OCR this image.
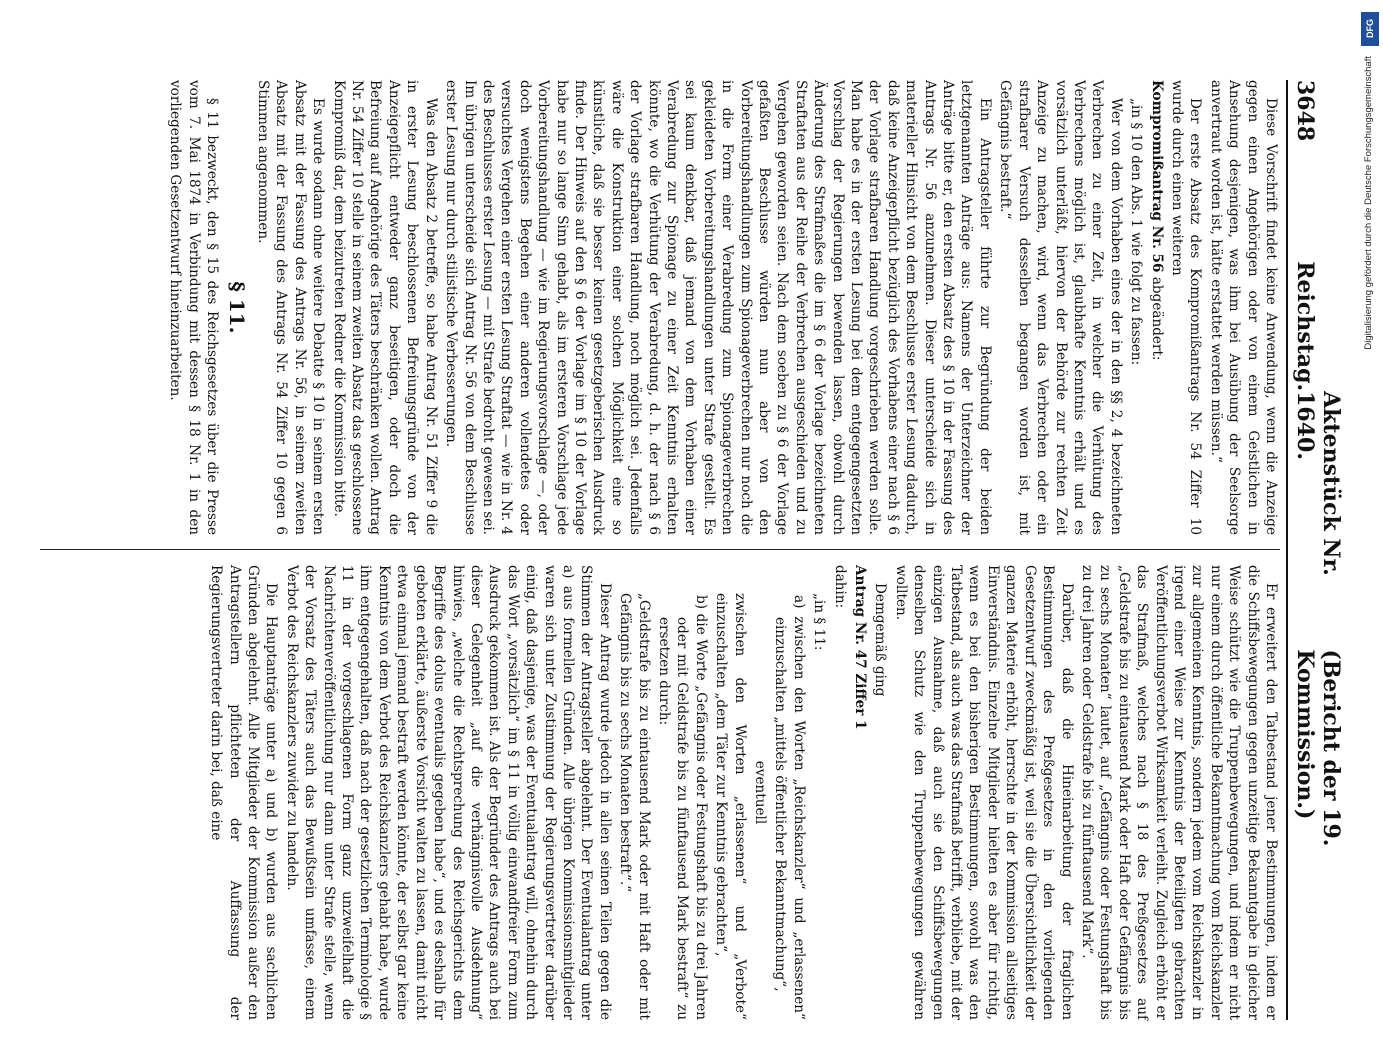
3648
Reichstag.
Aktenstück Nr. 1640.
(Bericht der 19. Kommission.)

Diese Vorschrift findet keine Anwendung, wenn die Anzeige gegen einen Angehörigen oder von einem Geistlichen in Ansehung desjenigen, was ihm bei Ausübung der Seelsorge anvertraut worden ist, hätte erstattet werden müssen.“

Der erste Absatz des Kompromißantrags Nr. 54 Ziffer 10 wurde durch einen weiteren

Kompromißantrag Nr. 56 abgeändert:

„in § 10 den Abs. 1 wie folgt zu fassen:

Wer von dem Vorhaben eines der in den §§ 2, 4 bezeichneten Verbrechen zu einer Zeit, in welcher die Verhütung des Verbrechens möglich ist, glaubhafte Kenntnis erhält und es vorsätzlich unterläßt, hiervon der Behörde zur rechten Zeit Anzeige zu machen, wird, wenn das Verbrechen oder ein strafbarer Versuch desselben begangen worden ist, mit Gefängnis bestraft.“

Ein Antragsteller führte zur Begründung der beiden letztgenannten Anträge aus: Namens der Unterzeichner der Anträge bitte er, den ersten Absatz des § 10 in der Fassung des Antrags Nr. 56 anzunehmen. Dieser unterscheide sich in materieller Hinsicht von dem Beschlusse erster Lesung dadurch, daß keine Anzeigepflicht bezüglich des Vorhabens einer nach § 6 der Vorlage strafbaren Handlung vorgeschrieben werden solle. Man habe es in der ersten Lesung bei dem entgegengesetzten Vorschlag der Regierungen bewenden lassen, obwohl durch Änderung des Strafmaßes die im § 6 der Vorlage bezeichneten Straftaten aus der Reihe der Verbrechen ausgeschieden und zu Vergehen geworden seien. Nach dem soeben zu § 6 der Vorlage gefaßten Beschlusse würden nun aber von den Vorbereitungshandlungen zum Spionageverbrechen nur noch die in die Form einer Verabredung zum Spionageverbrechen gekleideten Vorbereitungshandlungen unter Strafe gestellt. Es sei kaum denkbar, daß jemand von dem Vorhaben einer Verabredung zur Spionage zu einer Zeit Kenntnis erhalten könnte, wo die Verhütung der Verabredung, d. h. der nach § 6 der Vorlage strafbaren Handlung, noch möglich sei. Jedenfalls wäre die Konstruktion einer solchen Möglichkeit eine so künstliche, daß sie besser keinen gesetzgeberischen Ausdruck finde. Der Hinweis auf den § 6 der Vorlage im § 10 der Vorlage habe nur so lange Sinn gehabt, als im ersteren Vorschlage jede Vorbereitungshandlung — wie im Regierungsvorschlage —, oder doch wenigstens Begehen einer anderen vollendetes oder versuchtes Vergehen einer ersten Lesung Straftat — wie in Nr. 4 des Beschlusses erster Lesung — mit Strafe bedroht gewesen sei. Im übrigen unterscheide sich Antrag Nr. 56 von dem Beschlusse erster Lesung nur durch stilistische Verbesserungen.

Was den Absatz 2 betreffe, so habe Antrag Nr. 51 Ziffer 9 die in erster Lesung beschlossenen Befreiungsgründe von der Anzeigepflicht entweder ganz beseitigen, oder doch die Befreiung auf Angehörige des Täters beschränken wollen. Antrag Nr. 54 Ziffer 10 stelle in seinem zweiten Absatz das geschlossene Kompromiß dar, dem beizutreten Redner die Kommission bitte.

Es wurde sodann ohne weitere Debatte § 10 in seinem ersten Absatz mit der Fassung des Antrags Nr. 56, in seinem zweiten Absatz mit der Fassung des Antrags Nr. 54 Ziffer 10 gegen 6 Stimmen angenommen.

§ 11.

§ 11 bezweckt, den § 15 des Reichsgesetzes über die Presse vom 7. Mai 1874 in Verbindung mit dessen § 18 Nr. 1 in den vorliegenden Gesetzentwurf hineinzuarbeiten.

Er erweitert den Tatbestand jener Bestimmungen, indem er die Schiffsbewegungen gegen unzeitige Bekanntgabe in gleicher Weise schützt wie die Truppenbewegungen, und indem er nicht nur einem durch öffentliche Bekanntmachung vom Reichskanzler zur allgemeinen Kenntnis, sondern jedem vom Reichskanzler in irgend einer Weise zur Kenntnis der Beteiligten gebrachten Veröffentlichungsverbot Wirksamkeit verleiht. Zugleich erhöht er das Strafmaß, welches nach § 18 des Preßgesetzes auf „Geldstrafe bis zu eintausend Mark oder Haft oder Gefängnis bis zu sechs Monaten“ lautet, auf „Gefängnis oder Festungshaft bis zu drei Jahren oder Geldstrafe bis zu fünftausend Mark“.

Darüber, daß die Hineinarbeitung der fraglichen Bestimmungen des Preßgesetzes in den vorliegenden Gesetzentwurf zweckmäßig ist, weil sie die Übersichtlichkeit der ganzen Materie erhöht, herrschte in der Kommission allseitiges Einverständnis. Einzelne Mitglieder hielten es aber für richtig, wenn es bei den bisherigen Bestimmungen, sowohl was den Tatbestand, als auch was das Strafmaß betrifft, verbliebe, mit der einzigen Ausnahme, daß auch sie den Schiffsbewegungen denselben Schutz wie den Truppenbewegungen gewähren wollten.

Demgemäß ging

Antrag Nr. 47 Ziffer 1

dahin:

„in § 11:

a) zwischen den Worten „Reichskanzler“ und „erlassenen“ einzuschalten „mittels öffentlicher Bekanntmachung“,

eventuell

zwischen den Worten „erlassenen“ und „Verbote“ einzuschalten „dem Täter zur Kenntnis gebrachten“,

b) die Worte „Gefängnis oder Festungshaft bis zu drei Jahren oder mit Geldstrafe bis zu fünftausend Mark bestraft“ zu ersetzen durch:

„Geldstrafe bis zu eintausend Mark oder mit Haft oder mit Gefängnis bis zu sechs Monaten bestraft“.“

Dieser Antrag wurde jedoch in allen seinen Teilen gegen die Stimmen der Antragsteller abgelehnt. Der Eventualantrag unter a) aus formellen Gründen. Alle übrigen Kommissionsmitglieder waren sich unter Zustimmung der Regierungsvertreter darüber einig, daß dasjenige, was der Eventualantrag will, ohnehin durch das Wort „vorsätzlich“ im § 11 in völlig einwandfreier Form zum Ausdruck gekommen ist. Als der Begründer des Antrags auch bei dieser Gelegenheit „auf die verhängnisvolle Ausdehnung“ hinwies, „welche die Rechtsprechung des Reichsgerichts dem Begriffe des dolus eventualis gegeben habe“, und es deshalb für geboten erklärte, äußerste Vorsicht walten zu lassen, damit nicht etwa einmal jemand bestraft werden könnte, der selbst gar keine Kenntnis von dem Verbot des Reichskanzlers gehabt habe, wurde ihm entgegengehalten, daß nach der gesetzlichen Terminologie § 11 in der vorgeschlagenen Form ganz unzweifelhaft die Nachrichtenveröffentlichung nur dann unter Strafe stelle, wenn der Vorsatz des Täters auch das Bewußtsein umfasse, einem Verbot des Reichskanzlers zuwider zu handeln.

Die Hauptanträge unter a) und b) wurden aus sachlichen Gründen abgelehnt. Alle Mitglieder der Kommission außer den Antragstellern pflichteten der Auffassung der Regierungsvertreter darin bei, daß eine

DFG
Digitalisierung gefördert durch die Deutsche Forschungsgemeinschaft
